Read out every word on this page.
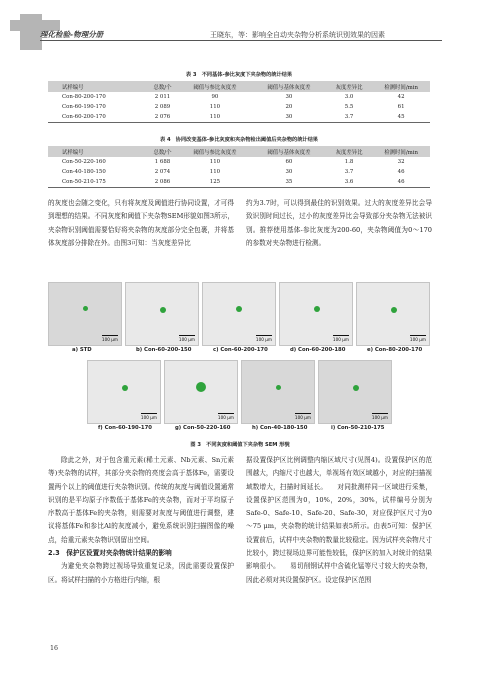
理化检验-物理分册	王晓东，等：影响全自动夹杂物分析系统识别效果的因素
表 3　不同基体-参比灰度下夹杂物的统计结果
试样编号	总数/个	阈值与参比灰度差	阈值与基体灰度差	灰度差异比	检测时间/min
Con-80-200-170	2 011	90	30	3.0	42
Con-60-190-170	2 089	110	20	5.5	61
Con-60-200-170	2 076	110	30	3.7	45
表 4　协同改变基体-参比灰度和夹杂物检出阈值后夹杂物的统计结果
试样编号	总数/个	阈值与参比灰度差	阈值与基体灰度差	灰度差异比	检测时间/min
Con-50-220-160	1 688	110	60	1.8	32
Con-40-180-150	2 074	110	30	3.7	46
Con-50-210-175	2 086	125	35	3.6	46
的灰度也会随之变化，只有将灰度及阈值进行协同设置，才可得到理想的结果。不同灰度和阈值下夹杂物SEM形貌如图3所示，夹杂物识别阈值需要恰好将夹杂物的灰度部分完全包裹，并将基体灰度部分排除在外。由图3可知：当灰度差异比
约为3.7时，可以得到最佳的识别效果。过大的灰度差异比会导致识别时间过长，过小的灰度差异比会导致部分夹杂物无法被识别。推荐使用基体-参比灰度为200-60，夹杂物阈值为0～170的参数对夹杂物进行检测。
100 μm	100 μm	100 μm	100 μm	100 μm
a) STD	b) Con-60-200-150	c) Con-60-200-170	d) Con-60-200-180	e) Con-80-200-170
100 μm	100 μm	100 μm	100 μm
f) Con-60-190-170	g) Con-50-220-160	h) Con-40-180-150	i) Con-50-210-175
图 3　不同灰度和阈值下夹杂物 SEM 形貌
除此之外，对于包含重元素(稀土元素、Nb元素、Sn元素等)夹杂物的试样，其部分夹杂物的亮度会高于基体Fe，需要设置两个以上的阈值进行夹杂物识别。传统的灰度与阈值设置通常识别的是平均原子序数低于基体Fe的夹杂物，而对于平均原子序数高于基体Fe的夹杂物，则需要对灰度与阈值进行调整，建议将基体Fe和参比Al的灰度减小，避免系统识别扫描图像的噪点，给重元素夹杂物识别留出空间。
2.3　保护区设置对夹杂物统计结果的影响
为避免夹杂物跨过视场导致重复记录，因此需要设置保护区。将试样扫描的小方格进行内缩，根
据设置保护区比例调整内缩区域尺寸(见图4)。设置保护区的范围越大，内缩尺寸也越大，单视场有效区域越小，对应的扫描视域数增大，扫描时间延长。　　对同批测样同一区域进行采集，设置保护区范围为0，10%，20%，30%，试样编号分别为Safe-0、Safe-10、Safe-20、Safe-30，对应保护区尺寸为0～75 μm，夹杂物的统计结果如表5所示。由表5可知：保护区设置前后，试样中夹杂物的数量比较稳定。因为试样夹杂物尺寸比较小，跨过视场边界可能性较低，保护区的加入对统计的结果影响很小。　　易切削钢试样中含硫化锰等尺寸较大的夹杂物，因此必须对其设置保护区。设定保护区范围
16
